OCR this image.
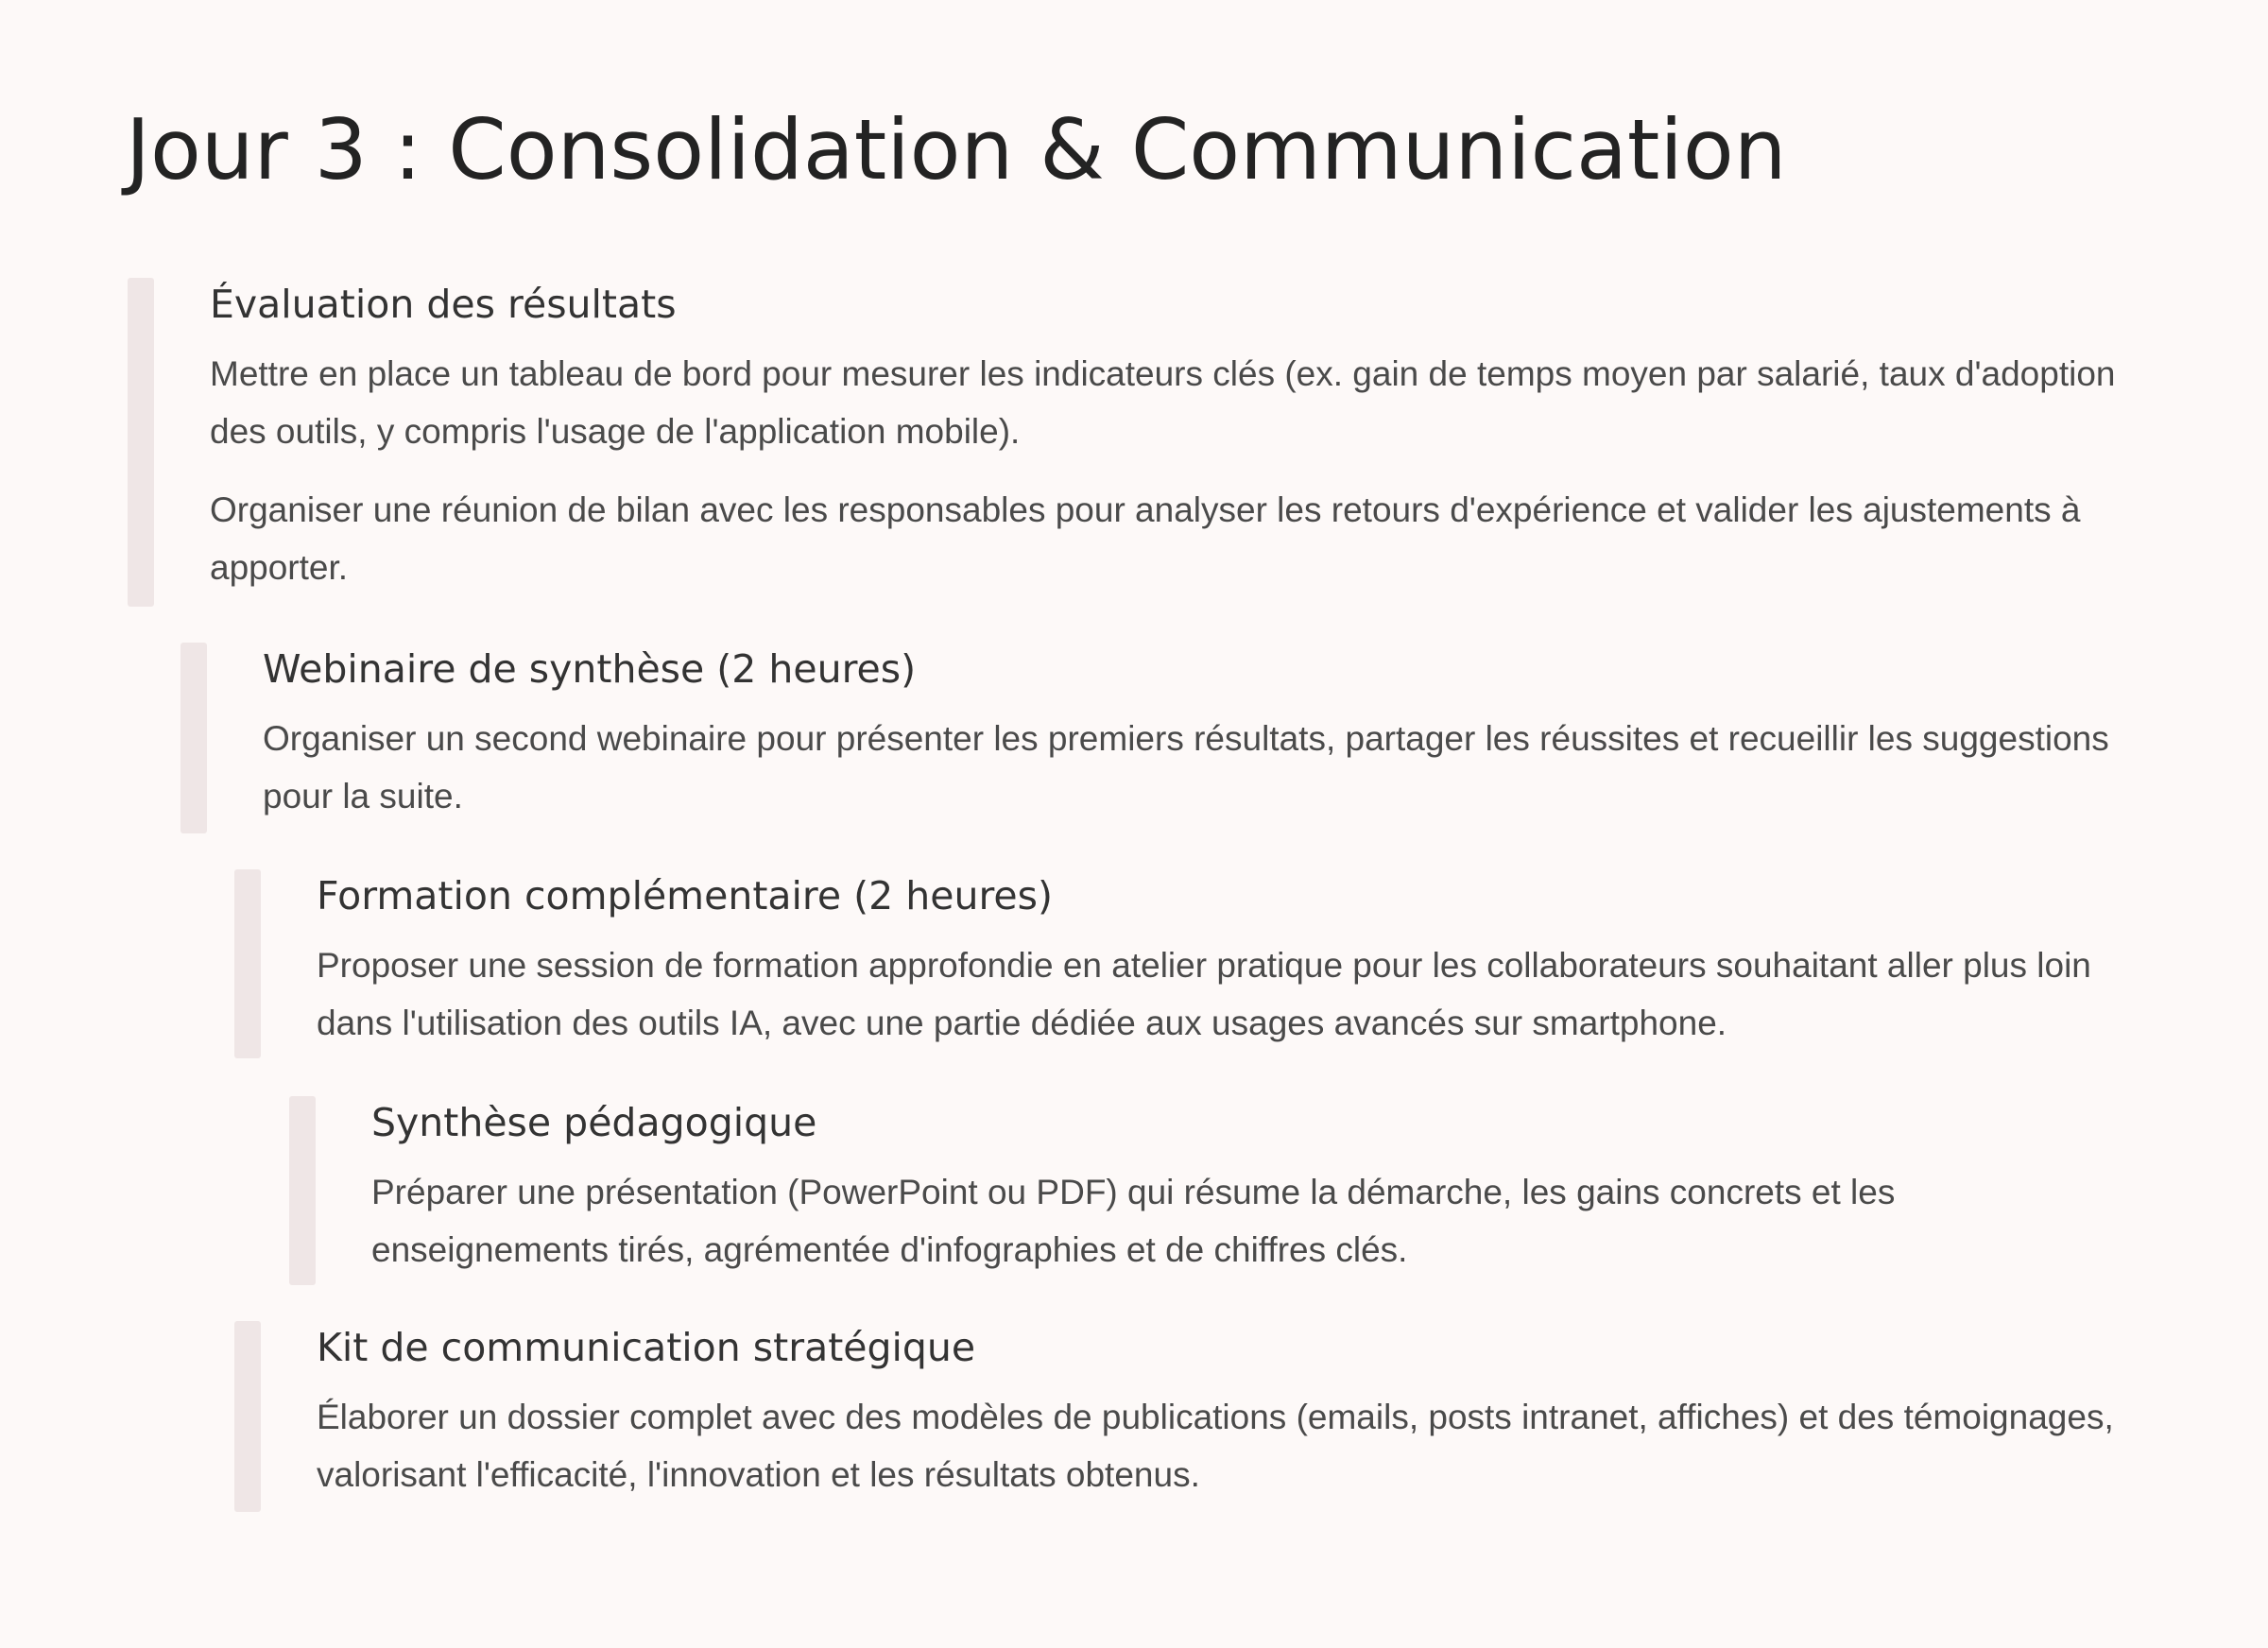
Jour 3 : Consolidation & Communication
Évaluation des résultats

Mettre en place un tableau de bord pour mesurer les indicateurs clés (ex. gain de temps moyen par salarié, taux d'adoption des outils, y compris l'usage de l'application mobile).

Organiser une réunion de bilan avec les responsables pour analyser les retours d'expérience et valider les ajustements à apporter.

Webinaire de synthèse (2 heures)

Organiser un second webinaire pour présenter les premiers résultats, partager les réussites et recueillir les suggestions pour la suite.

Formation complémentaire (2 heures)

Proposer une session de formation approfondie en atelier pratique pour les collaborateurs souhaitant aller plus loin dans l'utilisation des outils IA, avec une partie dédiée aux usages avancés sur smartphone.

Synthèse pédagogique

Préparer une présentation (PowerPoint ou PDF) qui résume la démarche, les gains concrets et les enseignements tirés, agrémentée d'infographies et de chiffres clés.

Kit de communication stratégique

Élaborer un dossier complet avec des modèles de publications (emails, posts intranet, affiches) et des témoignages, valorisant l'efficacité, l'innovation et les résultats obtenus.
